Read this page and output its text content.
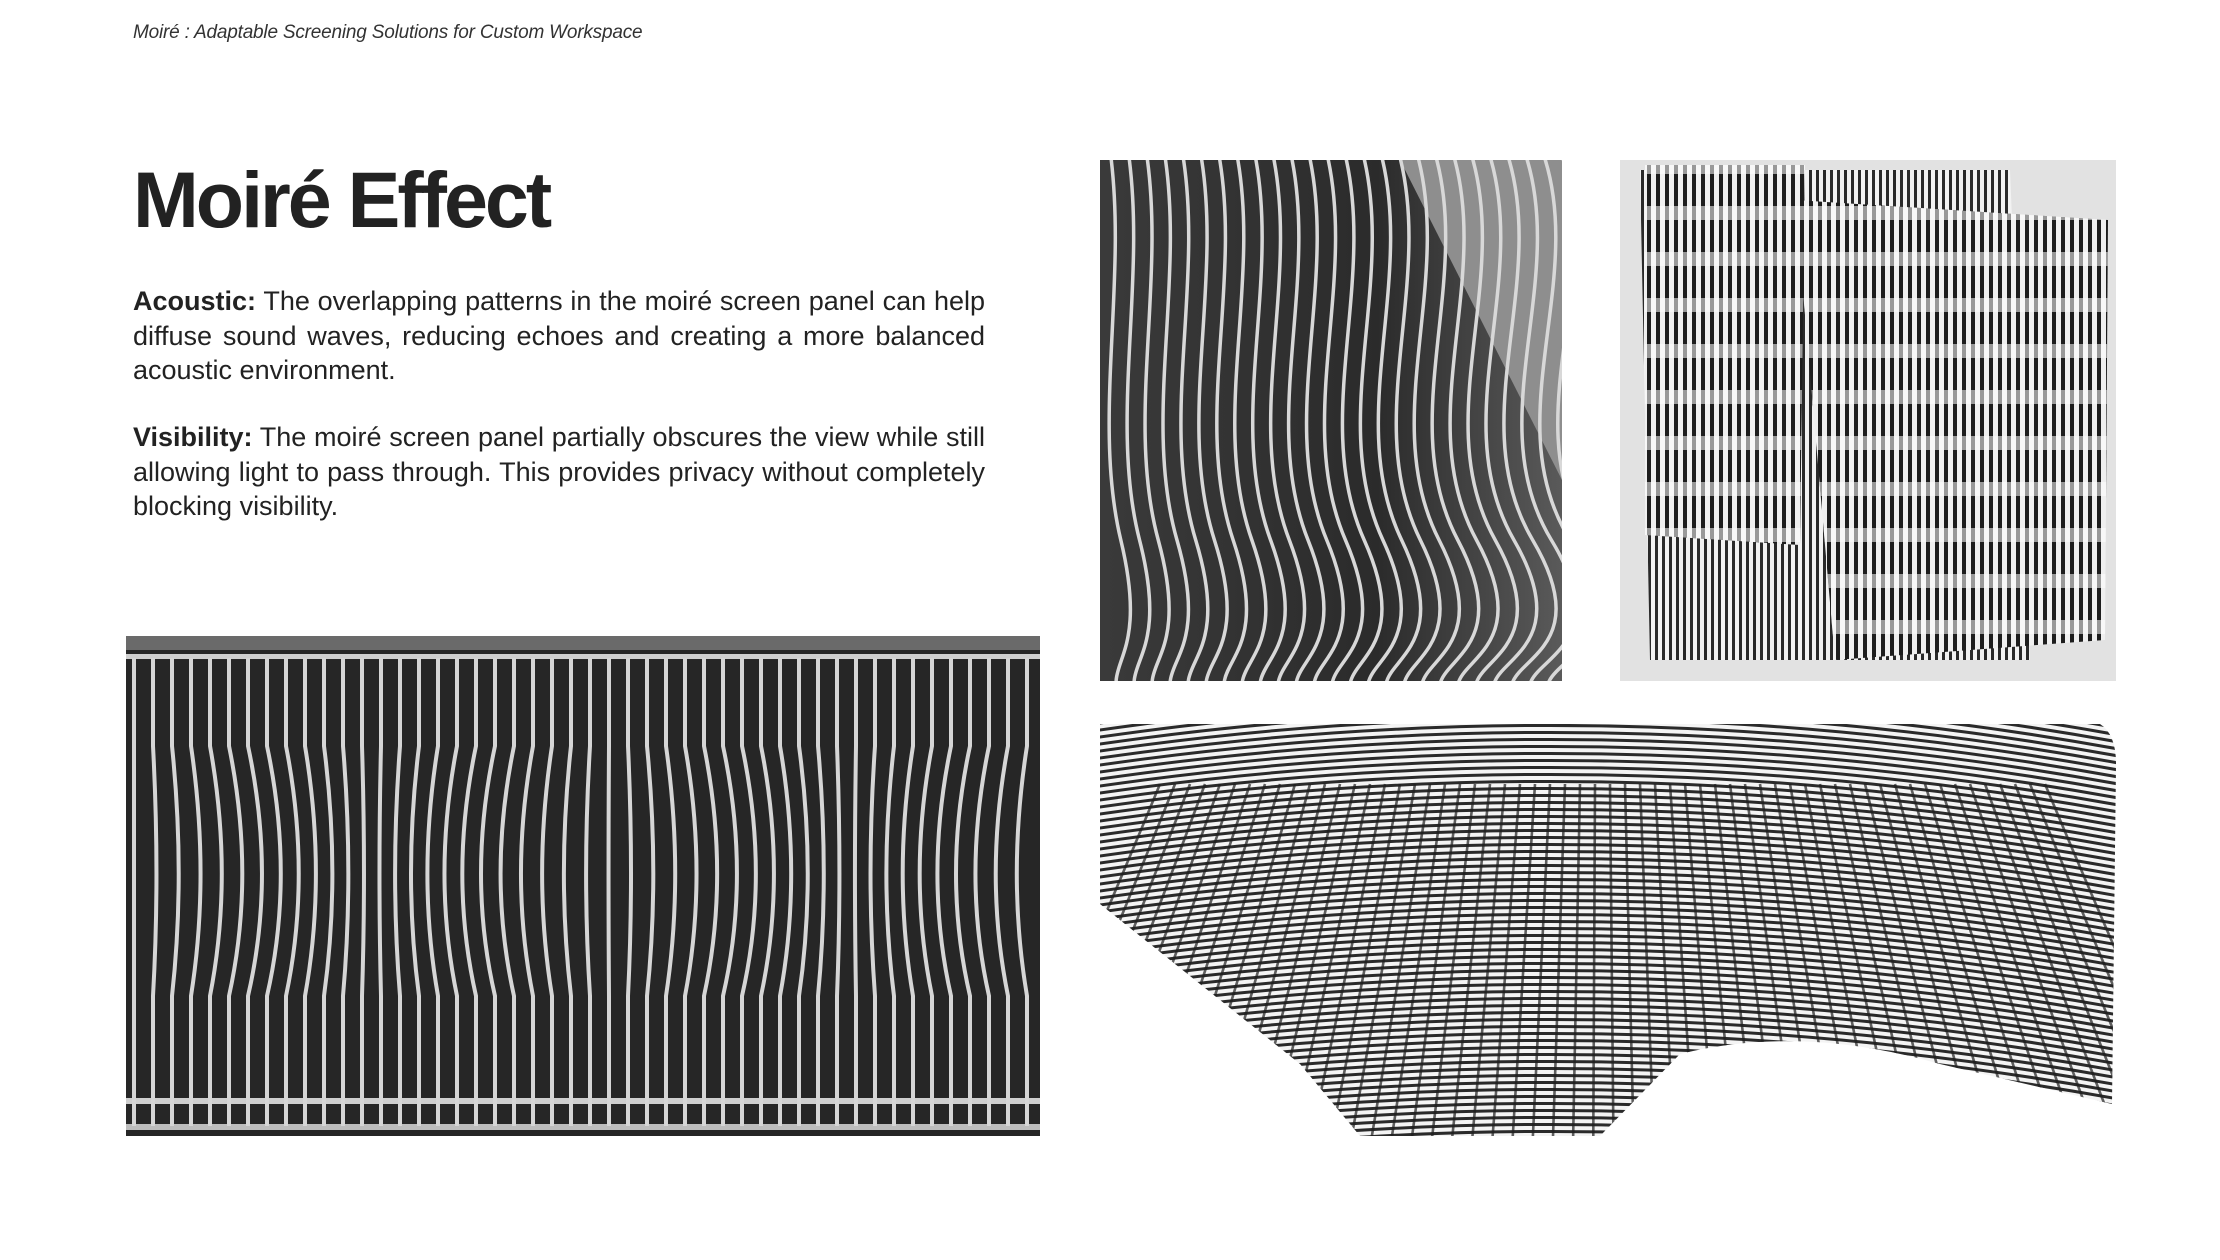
Moiré : Adaptable Screening Solutions for Custom Workspace
Moiré Effect

Acoustic: The overlapping patterns in the moiré screen panel can help diffuse sound waves, reducing echoes and creating a more balanced acoustic environment.

Visibility: The moiré screen panel partially obscures the view while still allowing light to pass through. This provides privacy without completely blocking visibility.
